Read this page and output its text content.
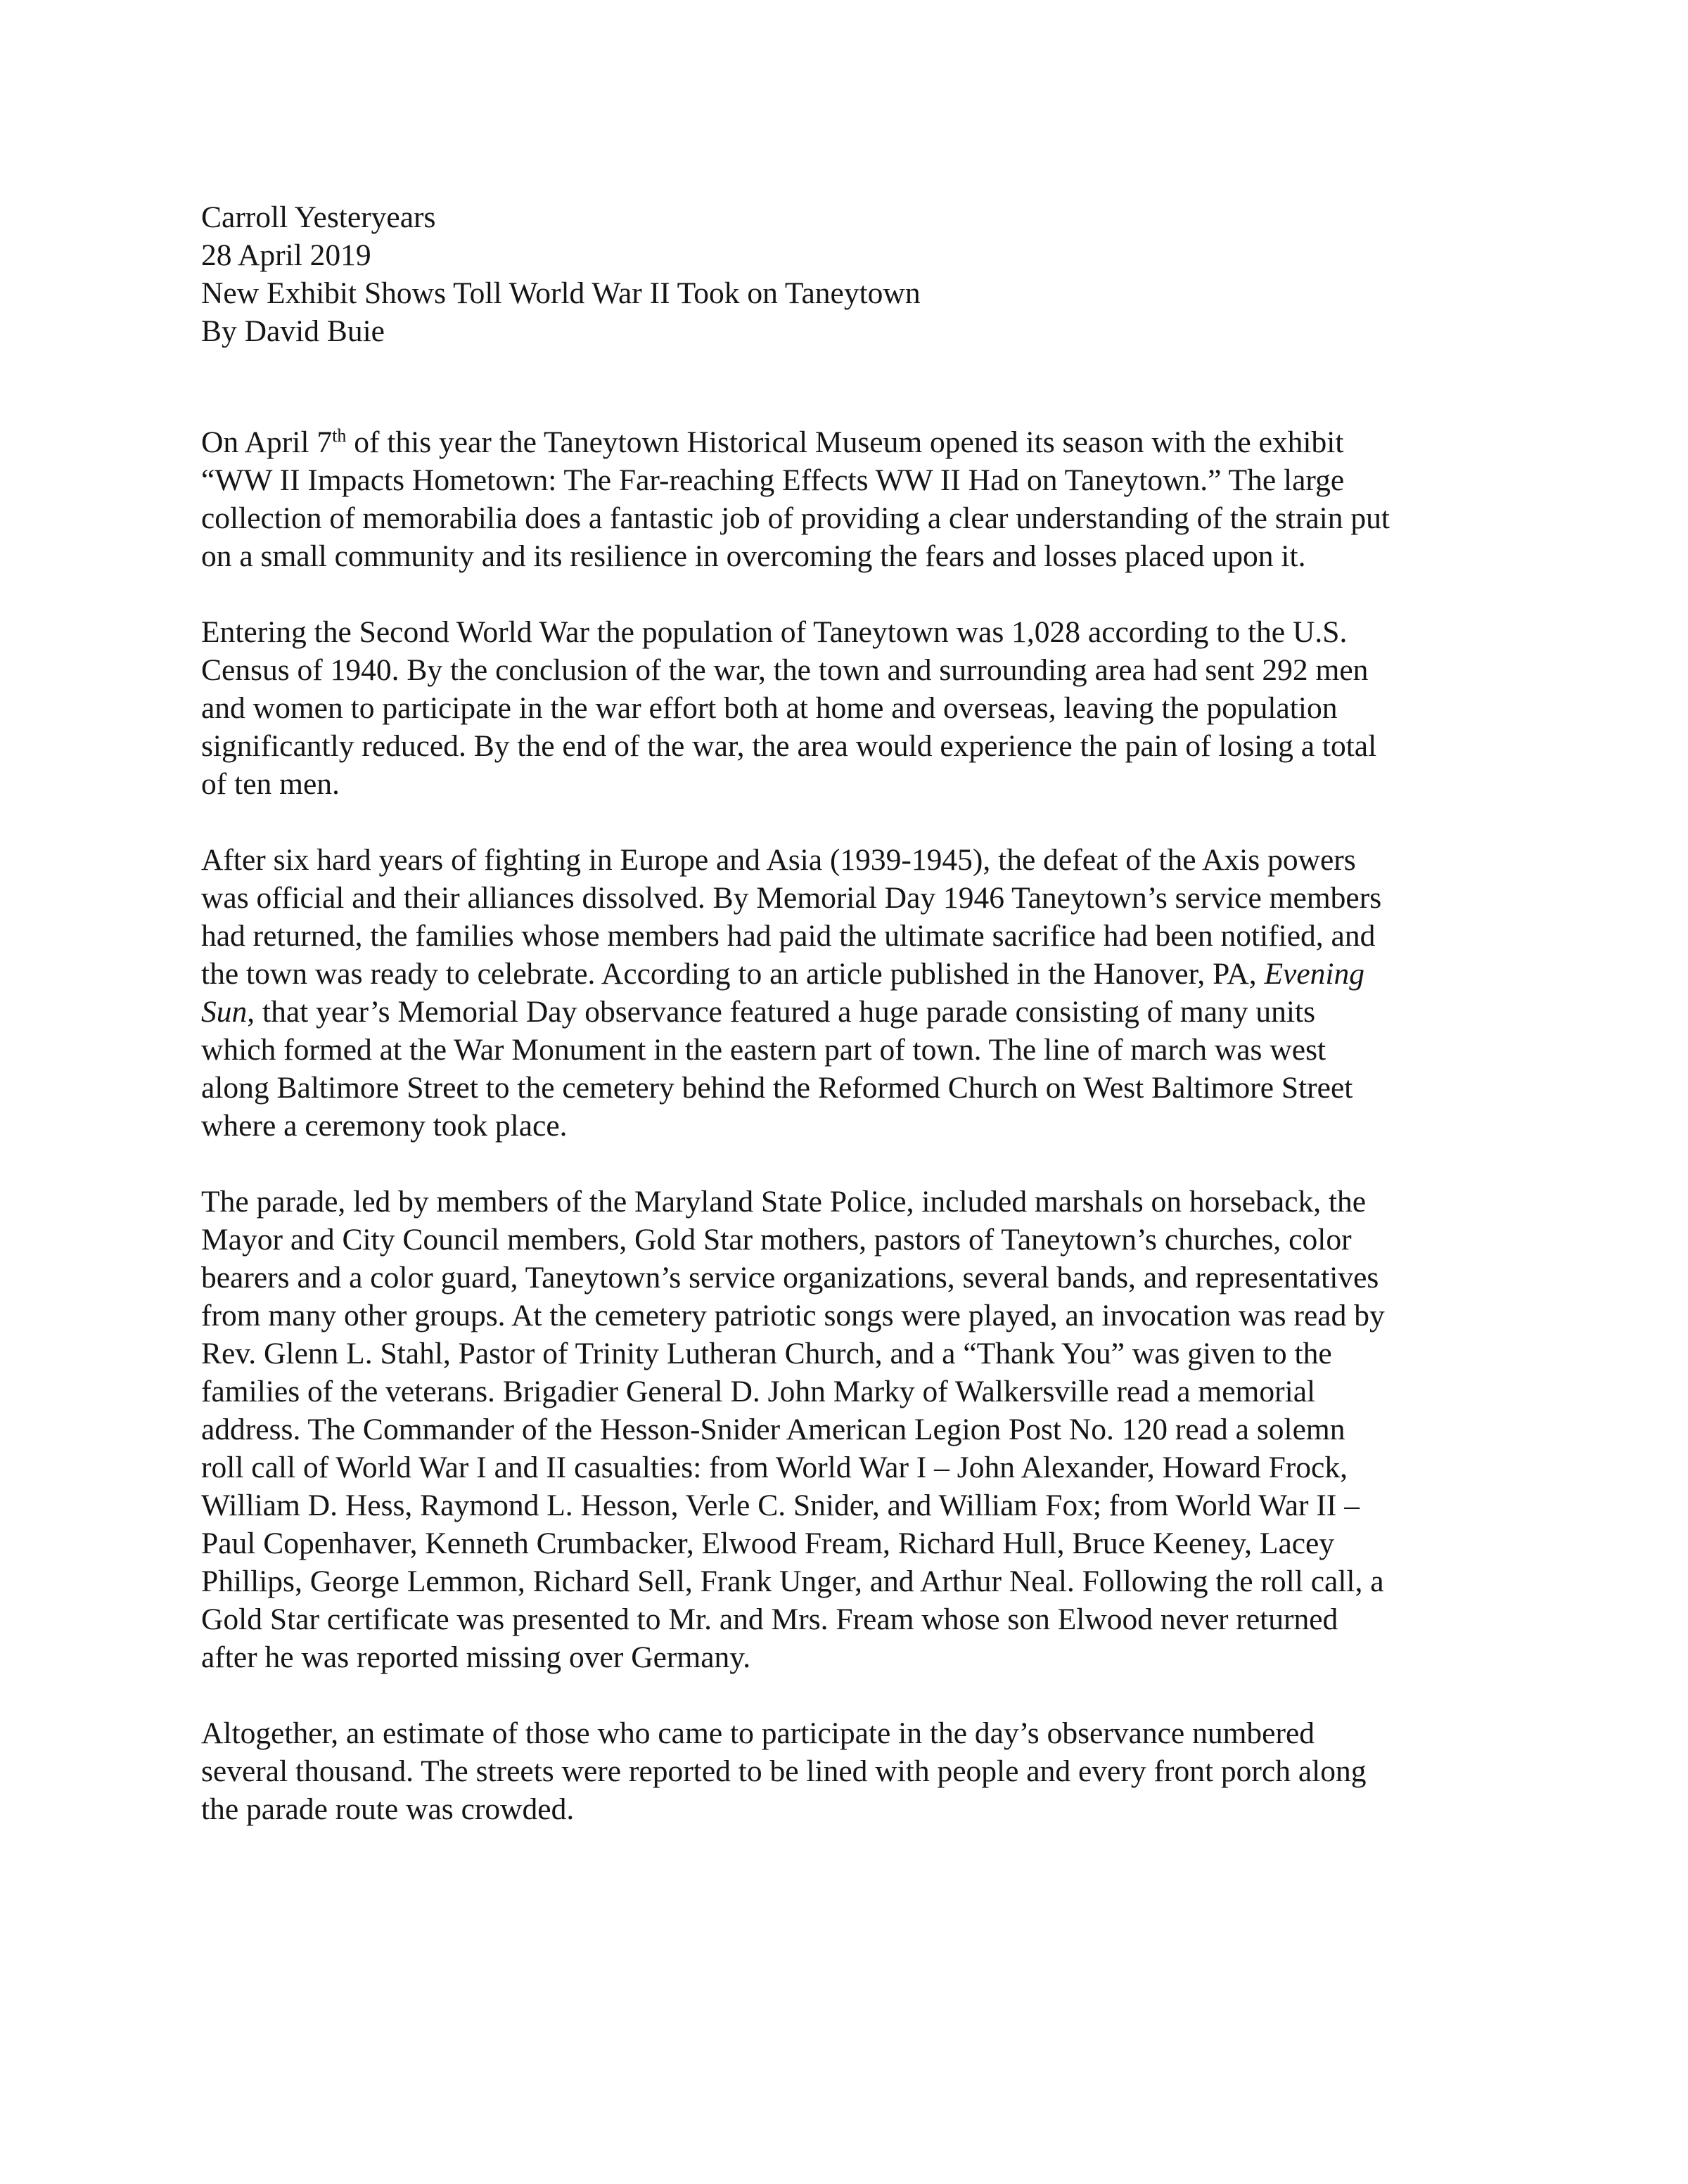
Carroll Yesteryears
28 April 2019
New Exhibit Shows Toll World War II Took on Taneytown
By David Buie
On April 7th of this year the Taneytown Historical Museum opened its season with the exhibit
“WW II Impacts Hometown: The Far-reaching Effects WW II Had on Taneytown.” The large
collection of memorabilia does a fantastic job of providing a clear understanding of the strain put
on a small community and its resilience in overcoming the fears and losses placed upon it.
Entering the Second World War the population of Taneytown was 1,028 according to the U.S.
Census of 1940. By the conclusion of the war, the town and surrounding area had sent 292 men
and women to participate in the war effort both at home and overseas, leaving the population
significantly reduced. By the end of the war, the area would experience the pain of losing a total
of ten men.
After six hard years of fighting in Europe and Asia (1939-1945), the defeat of the Axis powers
was official and their alliances dissolved. By Memorial Day 1946 Taneytown’s service members
had returned, the families whose members had paid the ultimate sacrifice had been notified, and
the town was ready to celebrate. According to an article published in the Hanover, PA, Evening
Sun, that year’s Memorial Day observance featured a huge parade consisting of many units
which formed at the War Monument in the eastern part of town. The line of march was west
along Baltimore Street to the cemetery behind the Reformed Church on West Baltimore Street
where a ceremony took place.
The parade, led by members of the Maryland State Police, included marshals on horseback, the
Mayor and City Council members, Gold Star mothers, pastors of Taneytown’s churches, color
bearers and a color guard, Taneytown’s service organizations, several bands, and representatives
from many other groups. At the cemetery patriotic songs were played, an invocation was read by
Rev. Glenn L. Stahl, Pastor of Trinity Lutheran Church, and a “Thank You” was given to the
families of the veterans. Brigadier General D. John Marky of Walkersville read a memorial
address. The Commander of the Hesson-Snider American Legion Post No. 120 read a solemn
roll call of World War I and II casualties: from World War I – John Alexander, Howard Frock,
William D. Hess, Raymond L. Hesson, Verle C. Snider, and William Fox; from World War II –
Paul Copenhaver, Kenneth Crumbacker, Elwood Fream, Richard Hull, Bruce Keeney, Lacey
Phillips, George Lemmon, Richard Sell, Frank Unger, and Arthur Neal. Following the roll call, a
Gold Star certificate was presented to Mr. and Mrs. Fream whose son Elwood never returned
after he was reported missing over Germany.
Altogether, an estimate of those who came to participate in the day’s observance numbered
several thousand. The streets were reported to be lined with people and every front porch along
the parade route was crowded.
